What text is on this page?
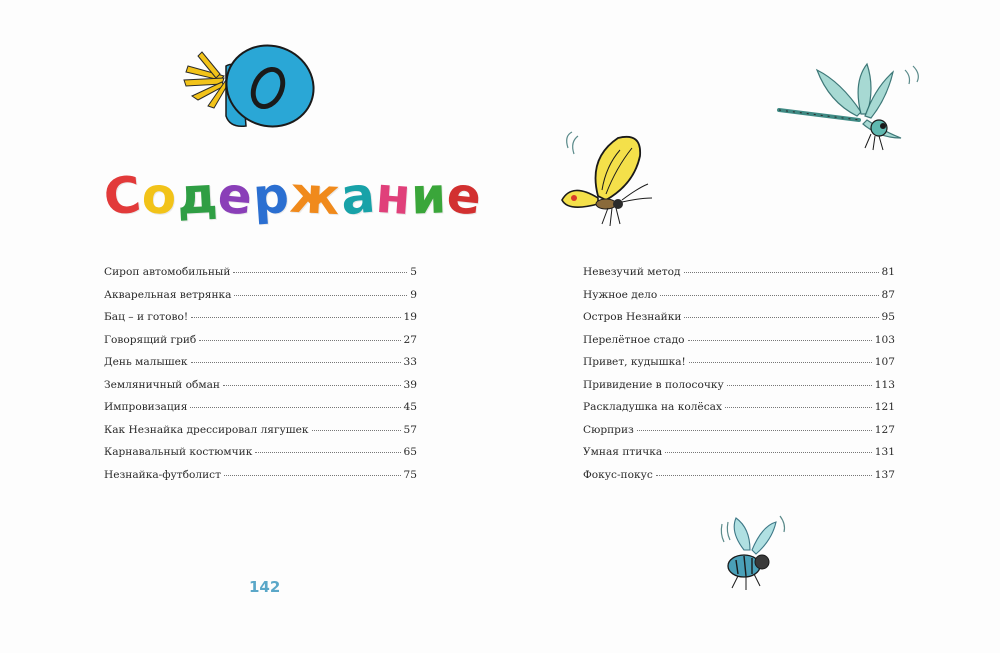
С
о
д
е
р
ж
а
н
и
е
Сироп автомобильный	5
Акварельная ветрянка	9
Бац – и готово!	19
Говорящий гриб	27
День малышек	33
Земляничный обман	39
Импровизация	45
Как Незнайка дрессировал лягушек	57
Карнавальный костюмчик	65
Незнайка-футболист	75
142
Невезучий метод	81
Нужное дело	87
Остров Незнайки	95
Перелётное стадо	103
Привет, кудышка!	107
Привидение в полосочку	113
Раскладушка на колёсах	121
Сюрприз	127
Умная птичка	131
Фокус-покус	137
